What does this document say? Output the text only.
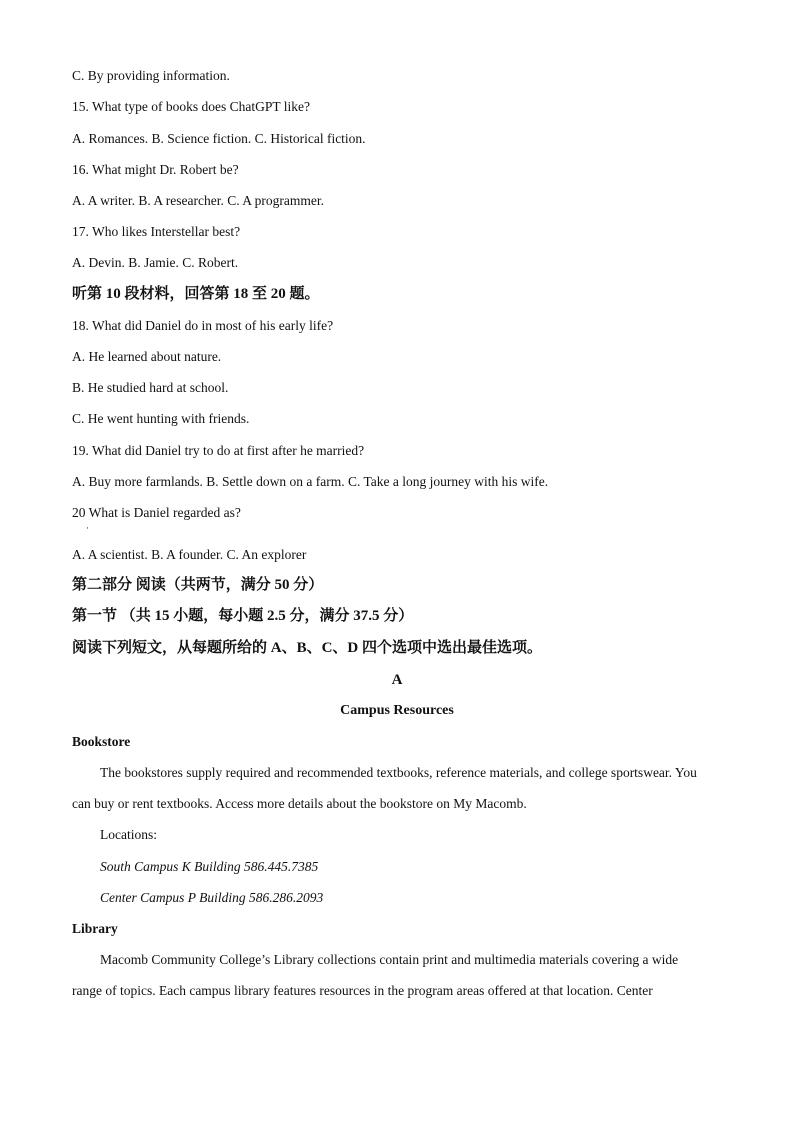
C. By providing information.
15. What type of books does ChatGPT like?
A. Romances. B. Science fiction. C. Historical fiction.
16. What might Dr. Robert be?
A. A writer. B. A researcher. C. A programmer.
17. Who likes Interstellar best?
A. Devin. B. Jamie. C. Robert.
听第 10 段材料，回答第 18 至 20 题。
18. What did Daniel do in most of his early life?
A. He learned about nature.
B. He studied hard at school.
C. He went hunting with friends.
19. What did Daniel try to do at first after he married?
A. Buy more farmlands. B. Settle down on a farm. C. Take a long journey with his wife.
20 What is Daniel regarded as?
·
A. A scientist. B. A founder. C. An explorer
第二部分 阅读（共两节，满分 50 分）
第一节 （共 15 小题，每小题 2.5 分，满分 37.5 分）
阅读下列短文，从每题所给的 A、B、C、D 四个选项中选出最佳选项。
A
Campus Resources
Bookstore
The bookstores supply required and recommended textbooks, reference materials, and college sportswear. You
can buy or rent textbooks. Access more details about the bookstore on My Macomb.
Locations:
South Campus K Building 586.445.7385
Center Campus P Building 586.286.2093
Library
Macomb Community College’s Library collections contain print and multimedia materials covering a wide
range of topics. Each campus library features resources in the program areas offered at that location. Center
